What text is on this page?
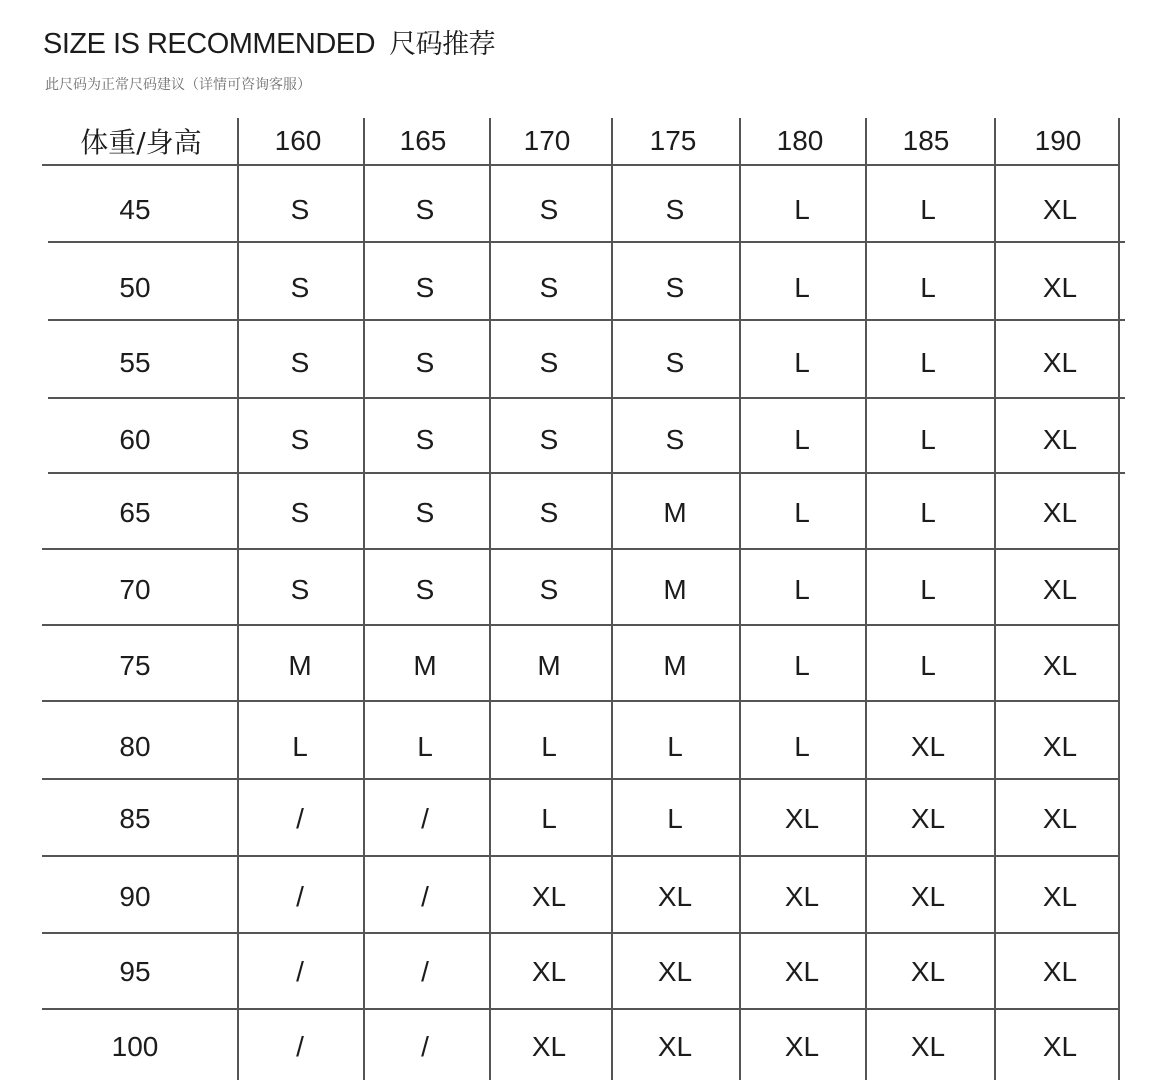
SIZE IS RECOMMENDED 尺码推荐
此尺码为正常尺码建议（详情可咨询客服）
体重/身高	160	165	170	175	180	185	190
45	S	S	S	S	L	L	XL
50	S	S	S	S	L	L	XL
55	S	S	S	S	L	L	XL
60	S	S	S	S	L	L	XL
65	S	S	S	M	L	L	XL
70	S	S	S	M	L	L	XL
75	M	M	M	M	L	L	XL
80	L	L	L	L	L	XL	XL
85	/	/	L	L	XL	XL	XL
90	/	/	XL	XL	XL	XL	XL
95	/	/	XL	XL	XL	XL	XL
100	/	/	XL	XL	XL	XL	XL
